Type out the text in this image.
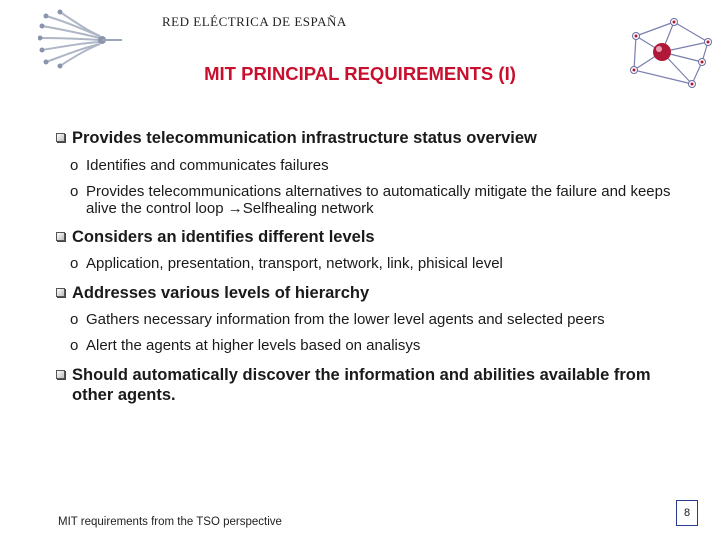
RED ELÉCTRICA DE ESPAÑA
MIT PRINCIPAL REQUIREMENTS (I)
Provides telecommunication infrastructure status overview
o Identifies and communicates failures
o Provides telecommunications alternatives to automatically mitigate the failure and keeps alive the control loop →Selfhealing network
Considers an identifies different levels
o Application, presentation, transport, network, link, phisical level
Addresses various levels of hierarchy
o Gathers necessary information from the lower level agents and selected peers
o Alert the agents at higher levels based on analisys
Should automatically discover the information and abilities available from other agents.
MIT requirements from the TSO perspective
8
